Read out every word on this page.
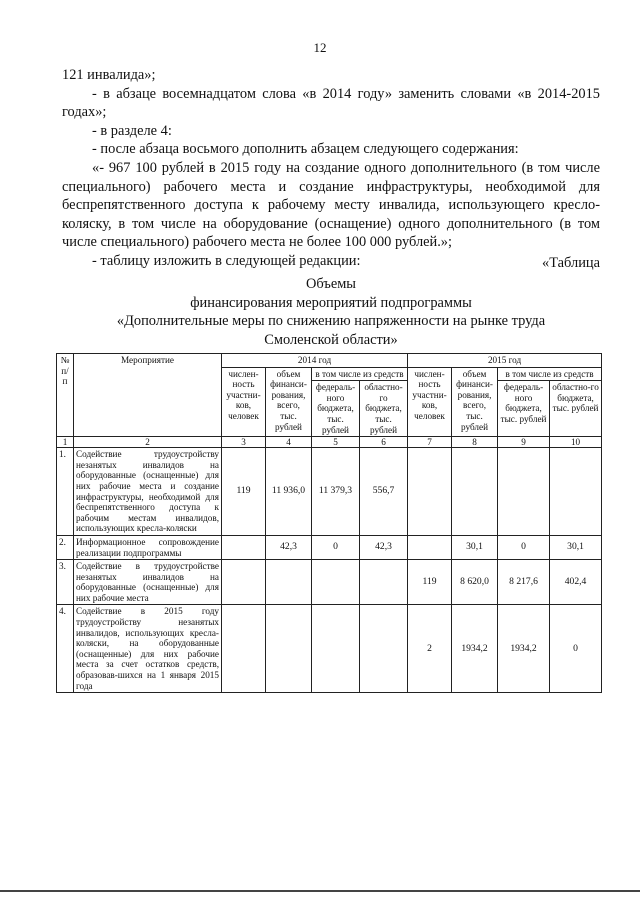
12

121 инвалида»;

- в абзаце восемнадцатом слова «в 2014 году» заменить словами «в 2014-2015 годах»;

- в разделе 4:

- после абзаца восьмого дополнить абзацем следующего содержания:

«- 967 100 рублей в 2015 году на создание одного дополнительного (в том числе специального) рабочего места и создание инфраструктуры, необходимой для беспрепятственного доступа к рабочему месту инвалида, использующего кресло-коляску, в том числе на оборудование (оснащение) одного дополнительного (в том числе специального) рабочего места не более 100 000 рублей.»;

- таблицу изложить в следующей редакции:	«Таблица
Объемы
финансирования мероприятий подпрограммы
«Дополнительные меры по снижению напряженности на рынке труда
Смоленской области»
№ п/п	Мероприятие	2014 год				2015 год			
		числен-ность участни-ков, человек	объем финанси-рования, всего, тыс. рублей	в том числе из средств		числен-ность участни-ков, человек	объем финанси-рования, всего, тыс. рублей	в том числе из средств	
				федераль-ного бюджета, тыс. рублей	областно-го бюджета, тыс. рублей			федераль-ного бюджета, тыс. рублей	областно-го бюджета, тыс. рублей
1	2	3	4	5	6	7	8	9	10
1.	Содействие трудоустройству незанятых инвалидов на оборудованные (оснащенные) для них рабочие места и создание инфраструктуры, необходимой для беспрепятственного доступа к рабочим местам инвалидов, использующих кресла-коляски	119	11 936,0	11 379,3	556,7				
2.	Информационное сопровождение реализации подпрограммы		42,3	0	42,3		30,1	0	30,1
3.	Содействие в трудоустройстве незанятых инвалидов на оборудованные (оснащенные) для них рабочие места					119	8 620,0	8 217,6	402,4
4.	Содействие в 2015 году трудоустройству незанятых инвалидов, использующих кресла-коляски, на оборудованные (оснащенные) для них рабочие места за счет остатков средств, образовав-шихся на 1 января 2015 года					2	1934,2	1934,2	0
